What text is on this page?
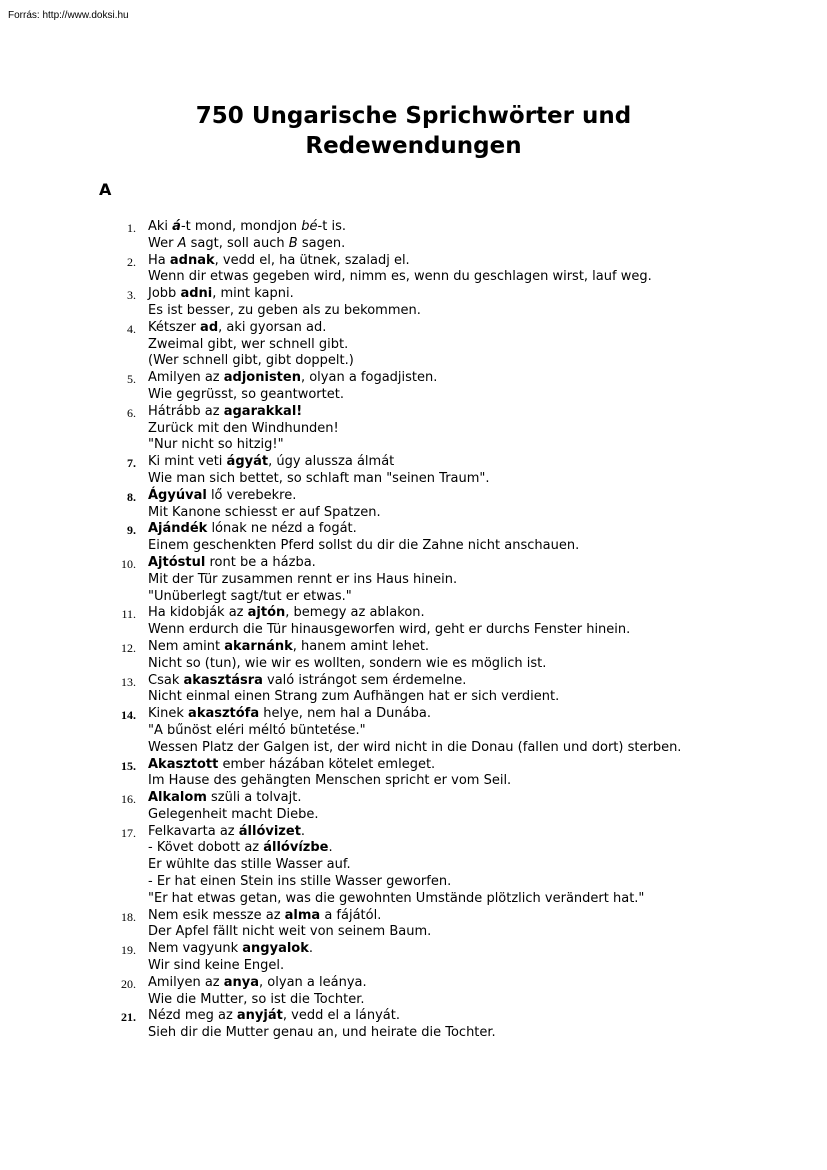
Forrás: http://www.doksi.hu
750 Ungarische Sprichwörter und
Redewendungen
A
1. Aki á-t mond, mondjon bé-t is.
Wer A sagt, soll auch B sagen.
2. Ha adnak, vedd el, ha ütnek, szaladj el.
Wenn dir etwas gegeben wird, nimm es, wenn du geschlagen wirst, lauf weg.
3. Jobb adni, mint kapni.
Es ist besser, zu geben als zu bekommen.
4. Kétszer ad, aki gyorsan ad.
Zweimal gibt, wer schnell gibt.
(Wer schnell gibt, gibt doppelt.)
5. Amilyen az adjonisten, olyan a fogadjisten.
Wie gegrüsst, so geantwortet.
6. Hátrább az agarakkal!
Zurück mit den Windhunden!
"Nur nicht so hitzig!"
7. Ki mint veti ágyát, úgy alussza álmát
Wie man sich bettet, so schlaft man "seinen Traum".
8. Ágyúval lő verebekre.
Mit Kanone schiesst er auf Spatzen.
9. Ajándék lónak ne nézd a fogát.
Einem geschenkten Pferd sollst du dir die Zahne nicht anschauen.
10. Ajtóstul ront be a házba.
Mit der Tür zusammen rennt er ins Haus hinein.
"Unüberlegt sagt/tut er etwas."
11. Ha kidobják az ajtón, bemegy az ablakon.
Wenn erdurch die Tür hinausgeworfen wird, geht er durchs Fenster hinein.
12. Nem amint akarnánk, hanem amint lehet.
Nicht so (tun), wie wir es wollten, sondern wie es möglich ist.
13. Csak akasztásra való istrángot sem érdemelne.
Nicht einmal einen Strang zum Aufhängen hat er sich verdient.
14. Kinek akasztófa helye, nem hal a Dunába.
"A bűnöst eléri méltó büntetése."
Wessen Platz der Galgen ist, der wird nicht in die Donau (fallen und dort) sterben.
15. Akasztott ember házában kötelet emleget.
Im Hause des gehängten Menschen spricht er vom Seil.
16. Alkalom szüli a tolvajt.
Gelegenheit macht Diebe.
17. Felkavarta az állóvizet.
- Követ dobott az állóvízbe.
Er wühlte das stille Wasser auf.
- Er hat einen Stein ins stille Wasser geworfen.
"Er hat etwas getan, was die gewohnten Umstände plötzlich verändert hat."
18. Nem esik messze az alma a fájától.
Der Apfel fällt nicht weit von seinem Baum.
19. Nem vagyunk angyalok.
Wir sind keine Engel.
20. Amilyen az anya, olyan a leánya.
Wie die Mutter, so ist die Tochter.
21. Nézd meg az anyját, vedd el a lányát.
Sieh dir die Mutter genau an, und heirate die Tochter.
